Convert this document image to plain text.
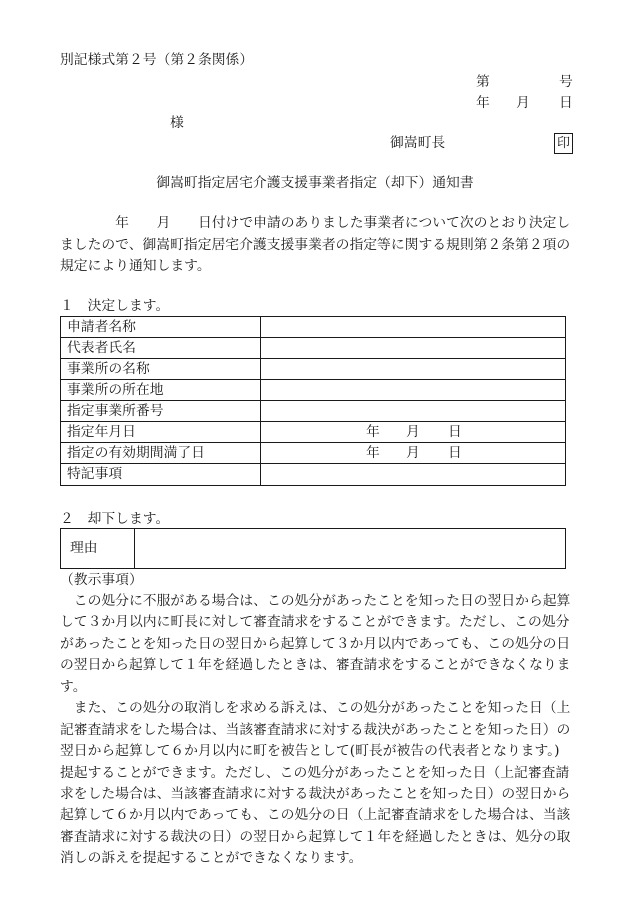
別記様式第２号（第２条関係）
第	号
年 月 日
様
御嵩町長	印
御嵩町指定居宅介護支援事業者指定（却下）通知書
　　　　年　　月　　日付けで申請のありました事業者について次のとおり決定し
ましたので、御嵩町指定居宅介護支援事業者の指定等に関する規則第２条第２項の
規定により通知します。
１　決定します。
申請者名称
代表者氏名
事業所の名称
事業所の所在地
指定事業所番号
指定年月日	年 月 日
指定の有効期間満了日	年 月 日
特記事項
２　却下します。
理由
（教示事項）
　この処分に不服がある場合は、この処分があったことを知った日の翌日から起算
して３か月以内に町長に対して審査請求をすることができます。ただし、この処分
があったことを知った日の翌日から起算して３か月以内であっても、この処分の日
の翌日から起算して１年を経過したときは、審査請求をすることができなくなりま
す。
　また、この処分の取消しを求める訴えは、この処分があったことを知った日（上
記審査請求をした場合は、当該審査請求に対する裁決があったことを知った日）の
翌日から起算して６か月以内に町を被告として(町長が被告の代表者となります。)
提起することができます。ただし、この処分があったことを知った日（上記審査請
求をした場合は、当該審査請求に対する裁決があったことを知った日）の翌日から
起算して６か月以内であっても、この処分の日（上記審査請求をした場合は、当該
審査請求に対する裁決の日）の翌日から起算して１年を経過したときは、処分の取
消しの訴えを提起することができなくなります。
